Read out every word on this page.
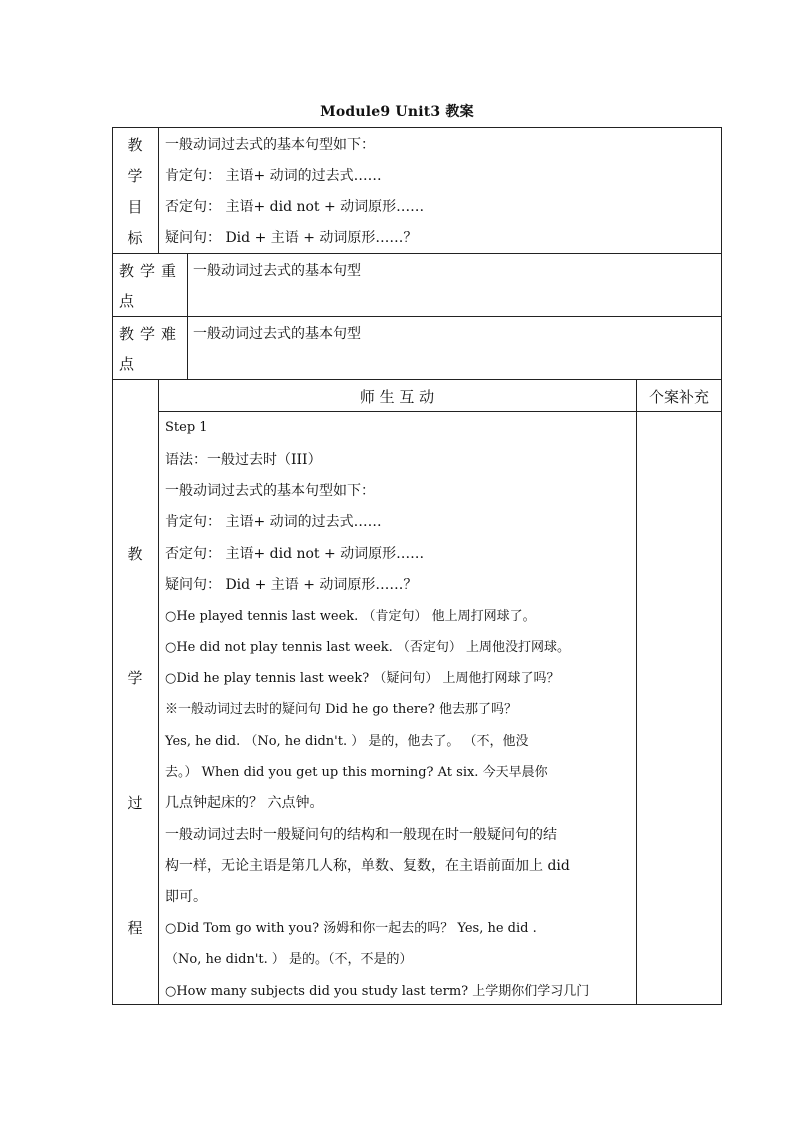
Module9 Unit3 教案
教
学
目
标
一般动词过去式的基本句型如下：
肯定句： 主语+ 动词的过去式……
否定句： 主语+ did not + 动词原形……
疑问句： Did + 主语 + 动词原形……？
教学重
点
一般动词过去式的基本句型
教学难
点
一般动词过去式的基本句型
师 生 互 动	个案补充
教
学
过
程
Step 1
语法：一般过去时（III）
一般动词过去式的基本句型如下：
肯定句： 主语+ 动词的过去式……
否定句： 主语+ did not + 动词原形……
疑问句： Did + 主语 + 动词原形……？
○He played tennis last week. （肯定句） 他上周打网球了。
○He did not play tennis last week. （否定句） 上周他没打网球。
○Did he play tennis last week? （疑问句） 上周他打网球了吗？
※一般动词过去时的疑问句 Did he go there? 他去那了吗？
Yes, he did. （No, he didn't. ） 是的，他去了。 （不，他没
去。） When did you get up this morning? At six. 今天早晨你
几点钟起床的？ 六点钟。
一般动词过去时一般疑问句的结构和一般现在时一般疑问句的结
构一样，无论主语是第几人称，单数、复数，在主语前面加上 did
即可。
○Did Tom go with you? 汤姆和你一起去的吗？ Yes, he did .
（No, he didn't. ） 是的。（不，不是的）
○How many subjects did you study last term? 上学期你们学习几门
